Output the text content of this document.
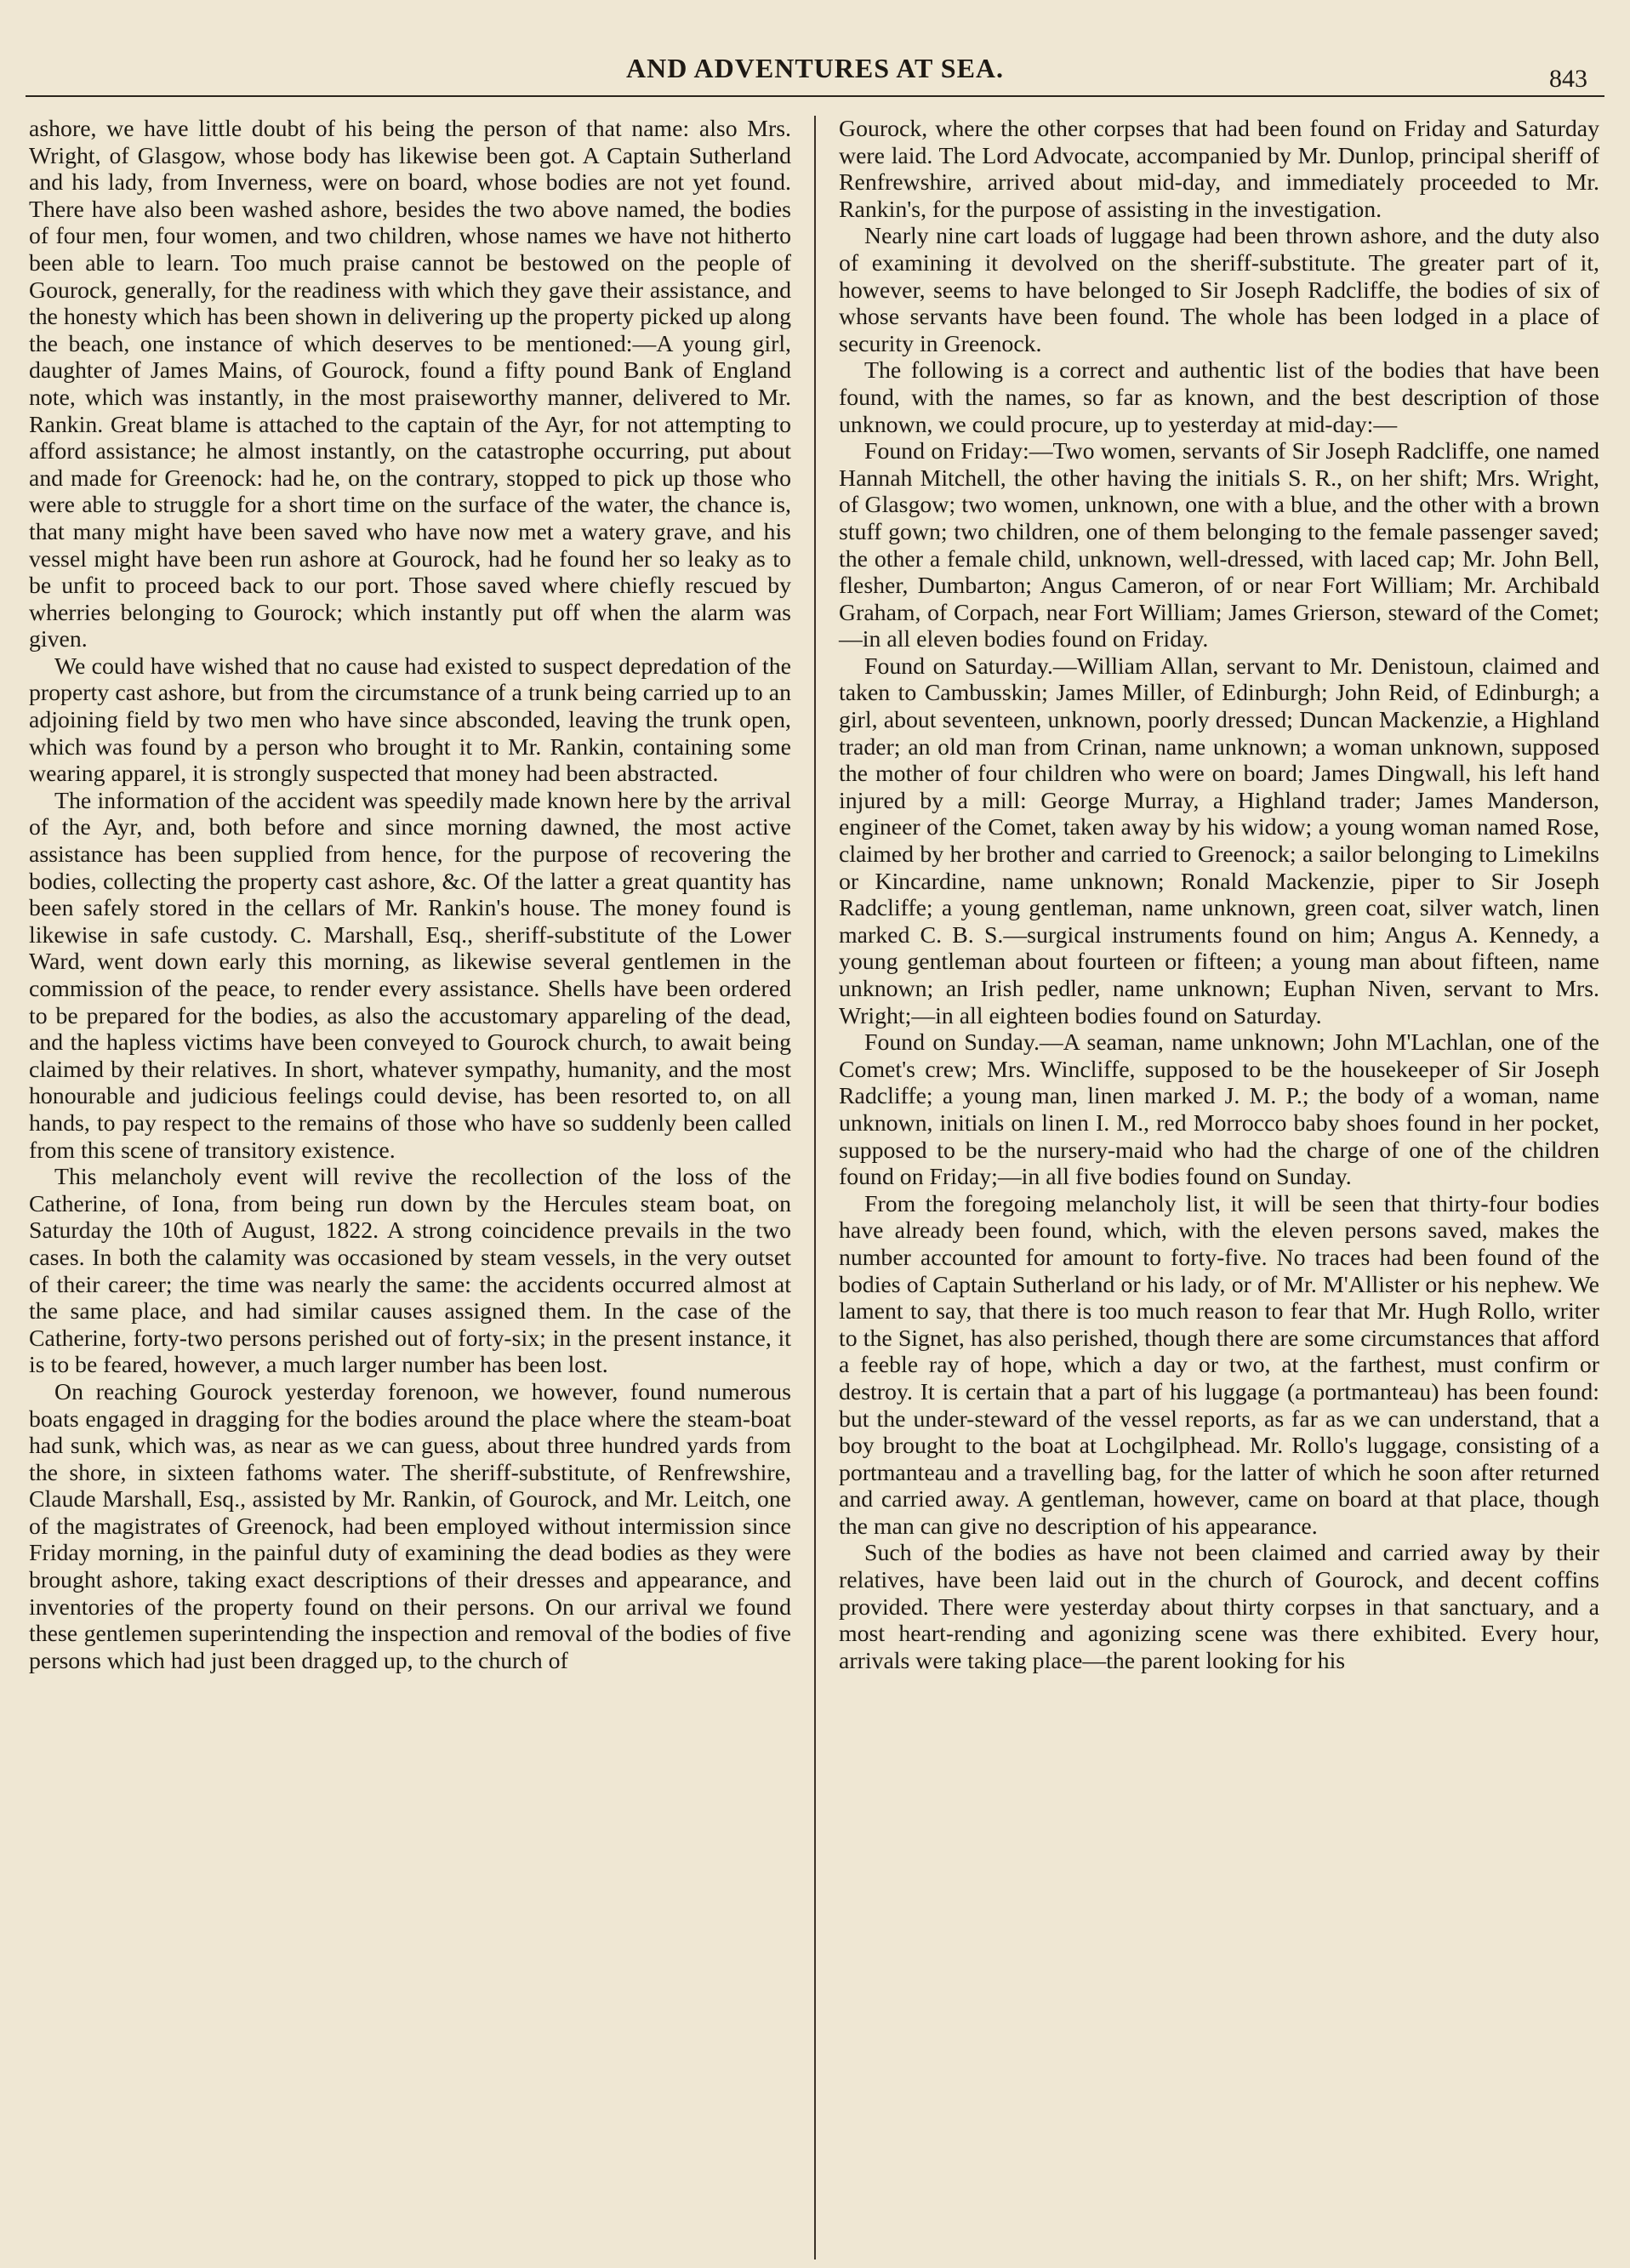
AND ADVENTURES AT SEA.	843

ashore, we have little doubt of his being the person of that name: also Mrs. Wright, of Glasgow, whose body has likewise been got. A Captain Sutherland and his lady, from Inverness, were on board, whose bodies are not yet found. There have also been washed ashore, besides the two above named, the bodies of four men, four women, and two children, whose names we have not hitherto been able to learn. Too much praise cannot be bestowed on the people of Gourock, generally, for the readiness with which they gave their assistance, and the honesty which has been shown in delivering up the property picked up along the beach, one instance of which deserves to be mentioned:—A young girl, daughter of James Mains, of Gourock, found a fifty pound Bank of England note, which was instantly, in the most praiseworthy manner, delivered to Mr. Rankin. Great blame is attached to the captain of the Ayr, for not attempting to afford assistance; he almost instantly, on the catastrophe occurring, put about and made for Greenock: had he, on the contrary, stopped to pick up those who were able to struggle for a short time on the surface of the water, the chance is, that many might have been saved who have now met a watery grave, and his vessel might have been run ashore at Gourock, had he found her so leaky as to be unfit to proceed back to our port. Those saved where chiefly rescued by wherries belonging to Gourock; which instantly put off when the alarm was given.

We could have wished that no cause had existed to suspect depredation of the property cast ashore, but from the circumstance of a trunk being carried up to an adjoining field by two men who have since absconded, leaving the trunk open, which was found by a person who brought it to Mr. Rankin, containing some wearing apparel, it is strongly suspected that money had been abstracted.

The information of the accident was speedily made known here by the arrival of the Ayr, and, both before and since morning dawned, the most active assistance has been supplied from hence, for the purpose of recovering the bodies, collecting the property cast ashore, &c. Of the latter a great quantity has been safely stored in the cellars of Mr. Rankin's house. The money found is likewise in safe custody. C. Marshall, Esq., sheriff-substitute of the Lower Ward, went down early this morning, as likewise several gentlemen in the commission of the peace, to render every assistance. Shells have been ordered to be prepared for the bodies, as also the accustomary appareling of the dead, and the hapless victims have been conveyed to Gourock church, to await being claimed by their relatives. In short, whatever sympathy, humanity, and the most honourable and judicious feelings could devise, has been resorted to, on all hands, to pay respect to the remains of those who have so suddenly been called from this scene of transitory existence.

This melancholy event will revive the recollection of the loss of the Catherine, of Iona, from being run down by the Hercules steam boat, on Saturday the 10th of August, 1822. A strong coincidence prevails in the two cases. In both the calamity was occasioned by steam vessels, in the very outset of their career; the time was nearly the same: the accidents occurred almost at the same place, and had similar causes assigned them. In the case of the Catherine, forty-two persons perished out of forty-six; in the present instance, it is to be feared, however, a much larger number has been lost.

On reaching Gourock yesterday forenoon, we however, found numerous boats engaged in dragging for the bodies around the place where the steam-boat had sunk, which was, as near as we can guess, about three hundred yards from the shore, in sixteen fathoms water. The sheriff-substitute, of Renfrewshire, Claude Marshall, Esq., assisted by Mr. Rankin, of Gourock, and Mr. Leitch, one of the magistrates of Greenock, had been employed without intermission since Friday morning, in the painful duty of examining the dead bodies as they were brought ashore, taking exact descriptions of their dresses and appearance, and inventories of the property found on their persons. On our arrival we found these gentlemen superintending the inspection and removal of the bodies of five persons which had just been dragged up, to the church of

Gourock, where the other corpses that had been found on Friday and Saturday were laid. The Lord Advocate, accompanied by Mr. Dunlop, principal sheriff of Renfrewshire, arrived about mid-day, and immediately proceeded to Mr. Rankin's, for the purpose of assisting in the investigation.

Nearly nine cart loads of luggage had been thrown ashore, and the duty also of examining it devolved on the sheriff-substitute. The greater part of it, however, seems to have belonged to Sir Joseph Radcliffe, the bodies of six of whose servants have been found. The whole has been lodged in a place of security in Greenock.

The following is a correct and authentic list of the bodies that have been found, with the names, so far as known, and the best description of those unknown, we could procure, up to yesterday at mid-day:—

Found on Friday:—Two women, servants of Sir Joseph Radcliffe, one named Hannah Mitchell, the other having the initials S. R., on her shift; Mrs. Wright, of Glasgow; two women, unknown, one with a blue, and the other with a brown stuff gown; two children, one of them belonging to the female passenger saved; the other a female child, unknown, well-dressed, with laced cap; Mr. John Bell, flesher, Dumbarton; Angus Cameron, of or near Fort William; Mr. Archibald Graham, of Corpach, near Fort William; James Grierson, steward of the Comet;—in all eleven bodies found on Friday.

Found on Saturday.—William Allan, servant to Mr. Denistoun, claimed and taken to Cambusskin; James Miller, of Edinburgh; John Reid, of Edinburgh; a girl, about seventeen, unknown, poorly dressed; Duncan Mackenzie, a Highland trader; an old man from Crinan, name unknown; a woman unknown, supposed the mother of four children who were on board; James Dingwall, his left hand injured by a mill: George Murray, a Highland trader; James Manderson, engineer of the Comet, taken away by his widow; a young woman named Rose, claimed by her brother and carried to Greenock; a sailor belonging to Limekilns or Kincardine, name unknown; Ronald Mackenzie, piper to Sir Joseph Radcliffe; a young gentleman, name unknown, green coat, silver watch, linen marked C. B. S.—surgical instruments found on him; Angus A. Kennedy, a young gentleman about fourteen or fifteen; a young man about fifteen, name unknown; an Irish pedler, name unknown; Euphan Niven, servant to Mrs. Wright;—in all eighteen bodies found on Saturday.

Found on Sunday.—A seaman, name unknown; John M'Lachlan, one of the Comet's crew; Mrs. Wincliffe, supposed to be the housekeeper of Sir Joseph Radcliffe; a young man, linen marked J. M. P.; the body of a woman, name unknown, initials on linen I. M., red Morrocco baby shoes found in her pocket, supposed to be the nursery-maid who had the charge of one of the children found on Friday;—in all five bodies found on Sunday.

From the foregoing melancholy list, it will be seen that thirty-four bodies have already been found, which, with the eleven persons saved, makes the number accounted for amount to forty-five. No traces had been found of the bodies of Captain Sutherland or his lady, or of Mr. M'Allister or his nephew. We lament to say, that there is too much reason to fear that Mr. Hugh Rollo, writer to the Signet, has also perished, though there are some circumstances that afford a feeble ray of hope, which a day or two, at the farthest, must confirm or destroy. It is certain that a part of his luggage (a portmanteau) has been found: but the under-steward of the vessel reports, as far as we can understand, that a boy brought to the boat at Lochgilphead. Mr. Rollo's luggage, consisting of a portmanteau and a travelling bag, for the latter of which he soon after returned and carried away. A gentleman, however, came on board at that place, though the man can give no description of his appearance.

Such of the bodies as have not been claimed and carried away by their relatives, have been laid out in the church of Gourock, and decent coffins provided. There were yesterday about thirty corpses in that sanctuary, and a most heart-rending and agonizing scene was there exhibited. Every hour, arrivals were taking place—the parent looking for his
